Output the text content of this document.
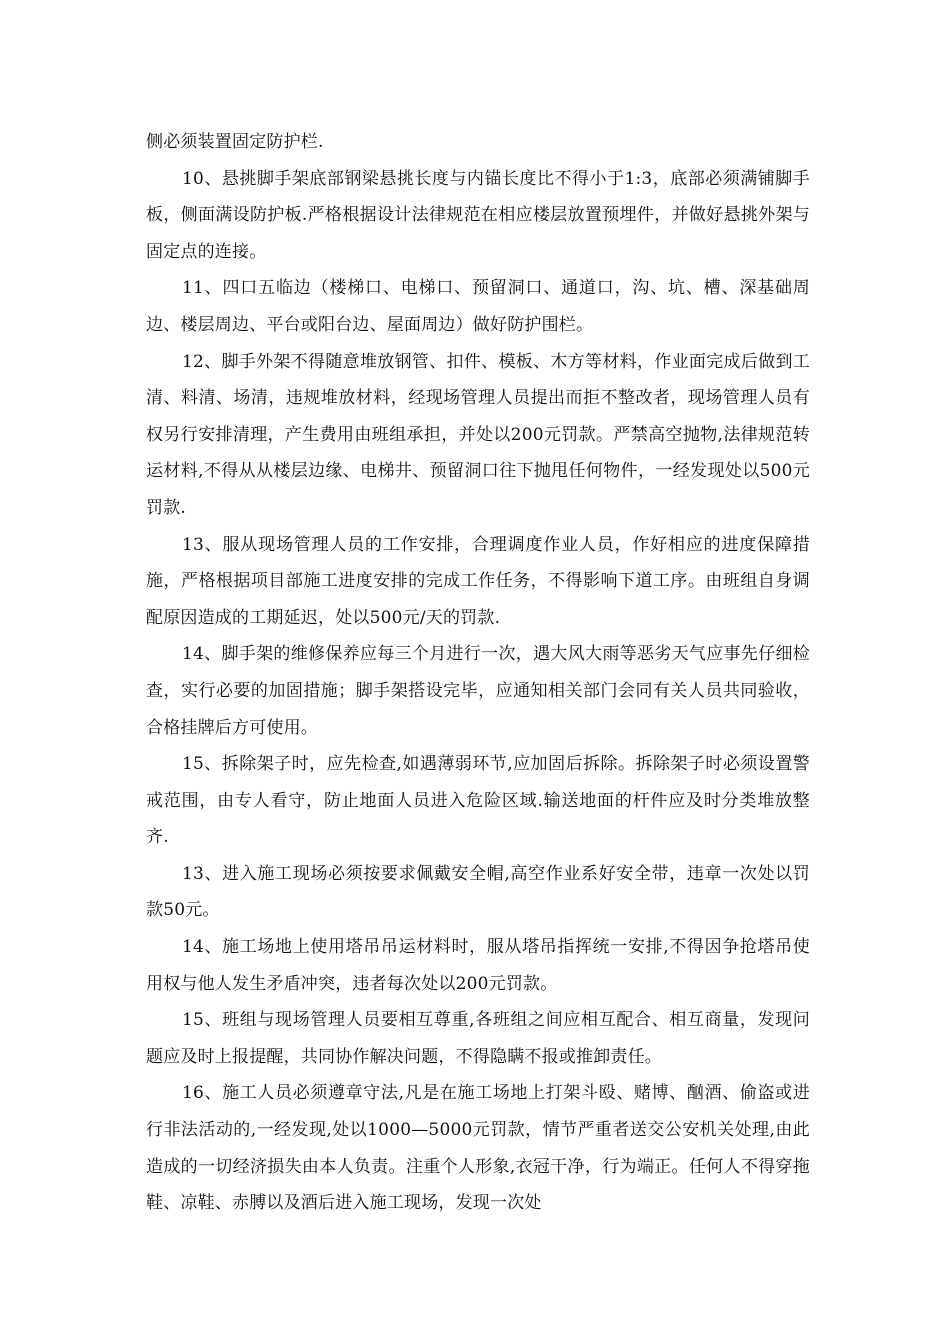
侧必须装置固定防护栏.

10、悬挑脚手架底部钢梁悬挑长度与内锚长度比不得小于1:3，底部必须满铺脚手板，侧面满设防护板.严格根据设计法律规范在相应楼层放置预埋件，并做好悬挑外架与固定点的连接。

11、四口五临边（楼梯口、电梯口、预留洞口、通道口，沟、坑、槽、深基础周边、楼层周边、平台或阳台边、屋面周边）做好防护围栏。

12、脚手外架不得随意堆放钢管、扣件、模板、木方等材料，作业面完成后做到工清、料清、场清，违规堆放材料，经现场管理人员提出而拒不整改者，现场管理人员有权另行安排清理，产生费用由班组承担，并处以200元罚款。严禁高空抛物,法律规范转运材料,不得从从楼层边缘、电梯井、预留洞口往下抛甩任何物件，一经发现处以500元罚款.

13、服从现场管理人员的工作安排，合理调度作业人员，作好相应的进度保障措施，严格根据项目部施工进度安排的完成工作任务，不得影响下道工序。由班组自身调配原因造成的工期延迟，处以500元/天的罚款.

14、脚手架的维修保养应每三个月进行一次，遇大风大雨等恶劣天气应事先仔细检查，实行必要的加固措施；脚手架搭设完毕，应通知相关部门会同有关人员共同验收，合格挂牌后方可使用。

15、拆除架子时，应先检查,如遇薄弱环节,应加固后拆除。拆除架子时必须设置警戒范围，由专人看守，防止地面人员进入危险区域.输送地面的杆件应及时分类堆放整齐.

13、进入施工现场必须按要求佩戴安全帽,高空作业系好安全带，违章一次处以罚款50元。

14、施工场地上使用塔吊吊运材料时，服从塔吊指挥统一安排,不得因争抢塔吊使用权与他人发生矛盾冲突，违者每次处以200元罚款。

15、班组与现场管理人员要相互尊重,各班组之间应相互配合、相互商量，发现问题应及时上报提醒，共同协作解决问题，不得隐瞒不报或推卸责任。

16、施工人员必须遵章守法,凡是在施工场地上打架斗殴、赌博、酗酒、偷盗或进行非法活动的,一经发现,处以1000—5000元罚款，情节严重者送交公安机关处理,由此造成的一切经济损失由本人负责。注重个人形象,衣冠干净，行为端正。任何人不得穿拖鞋、凉鞋、赤膊以及酒后进入施工现场，发现一次处
